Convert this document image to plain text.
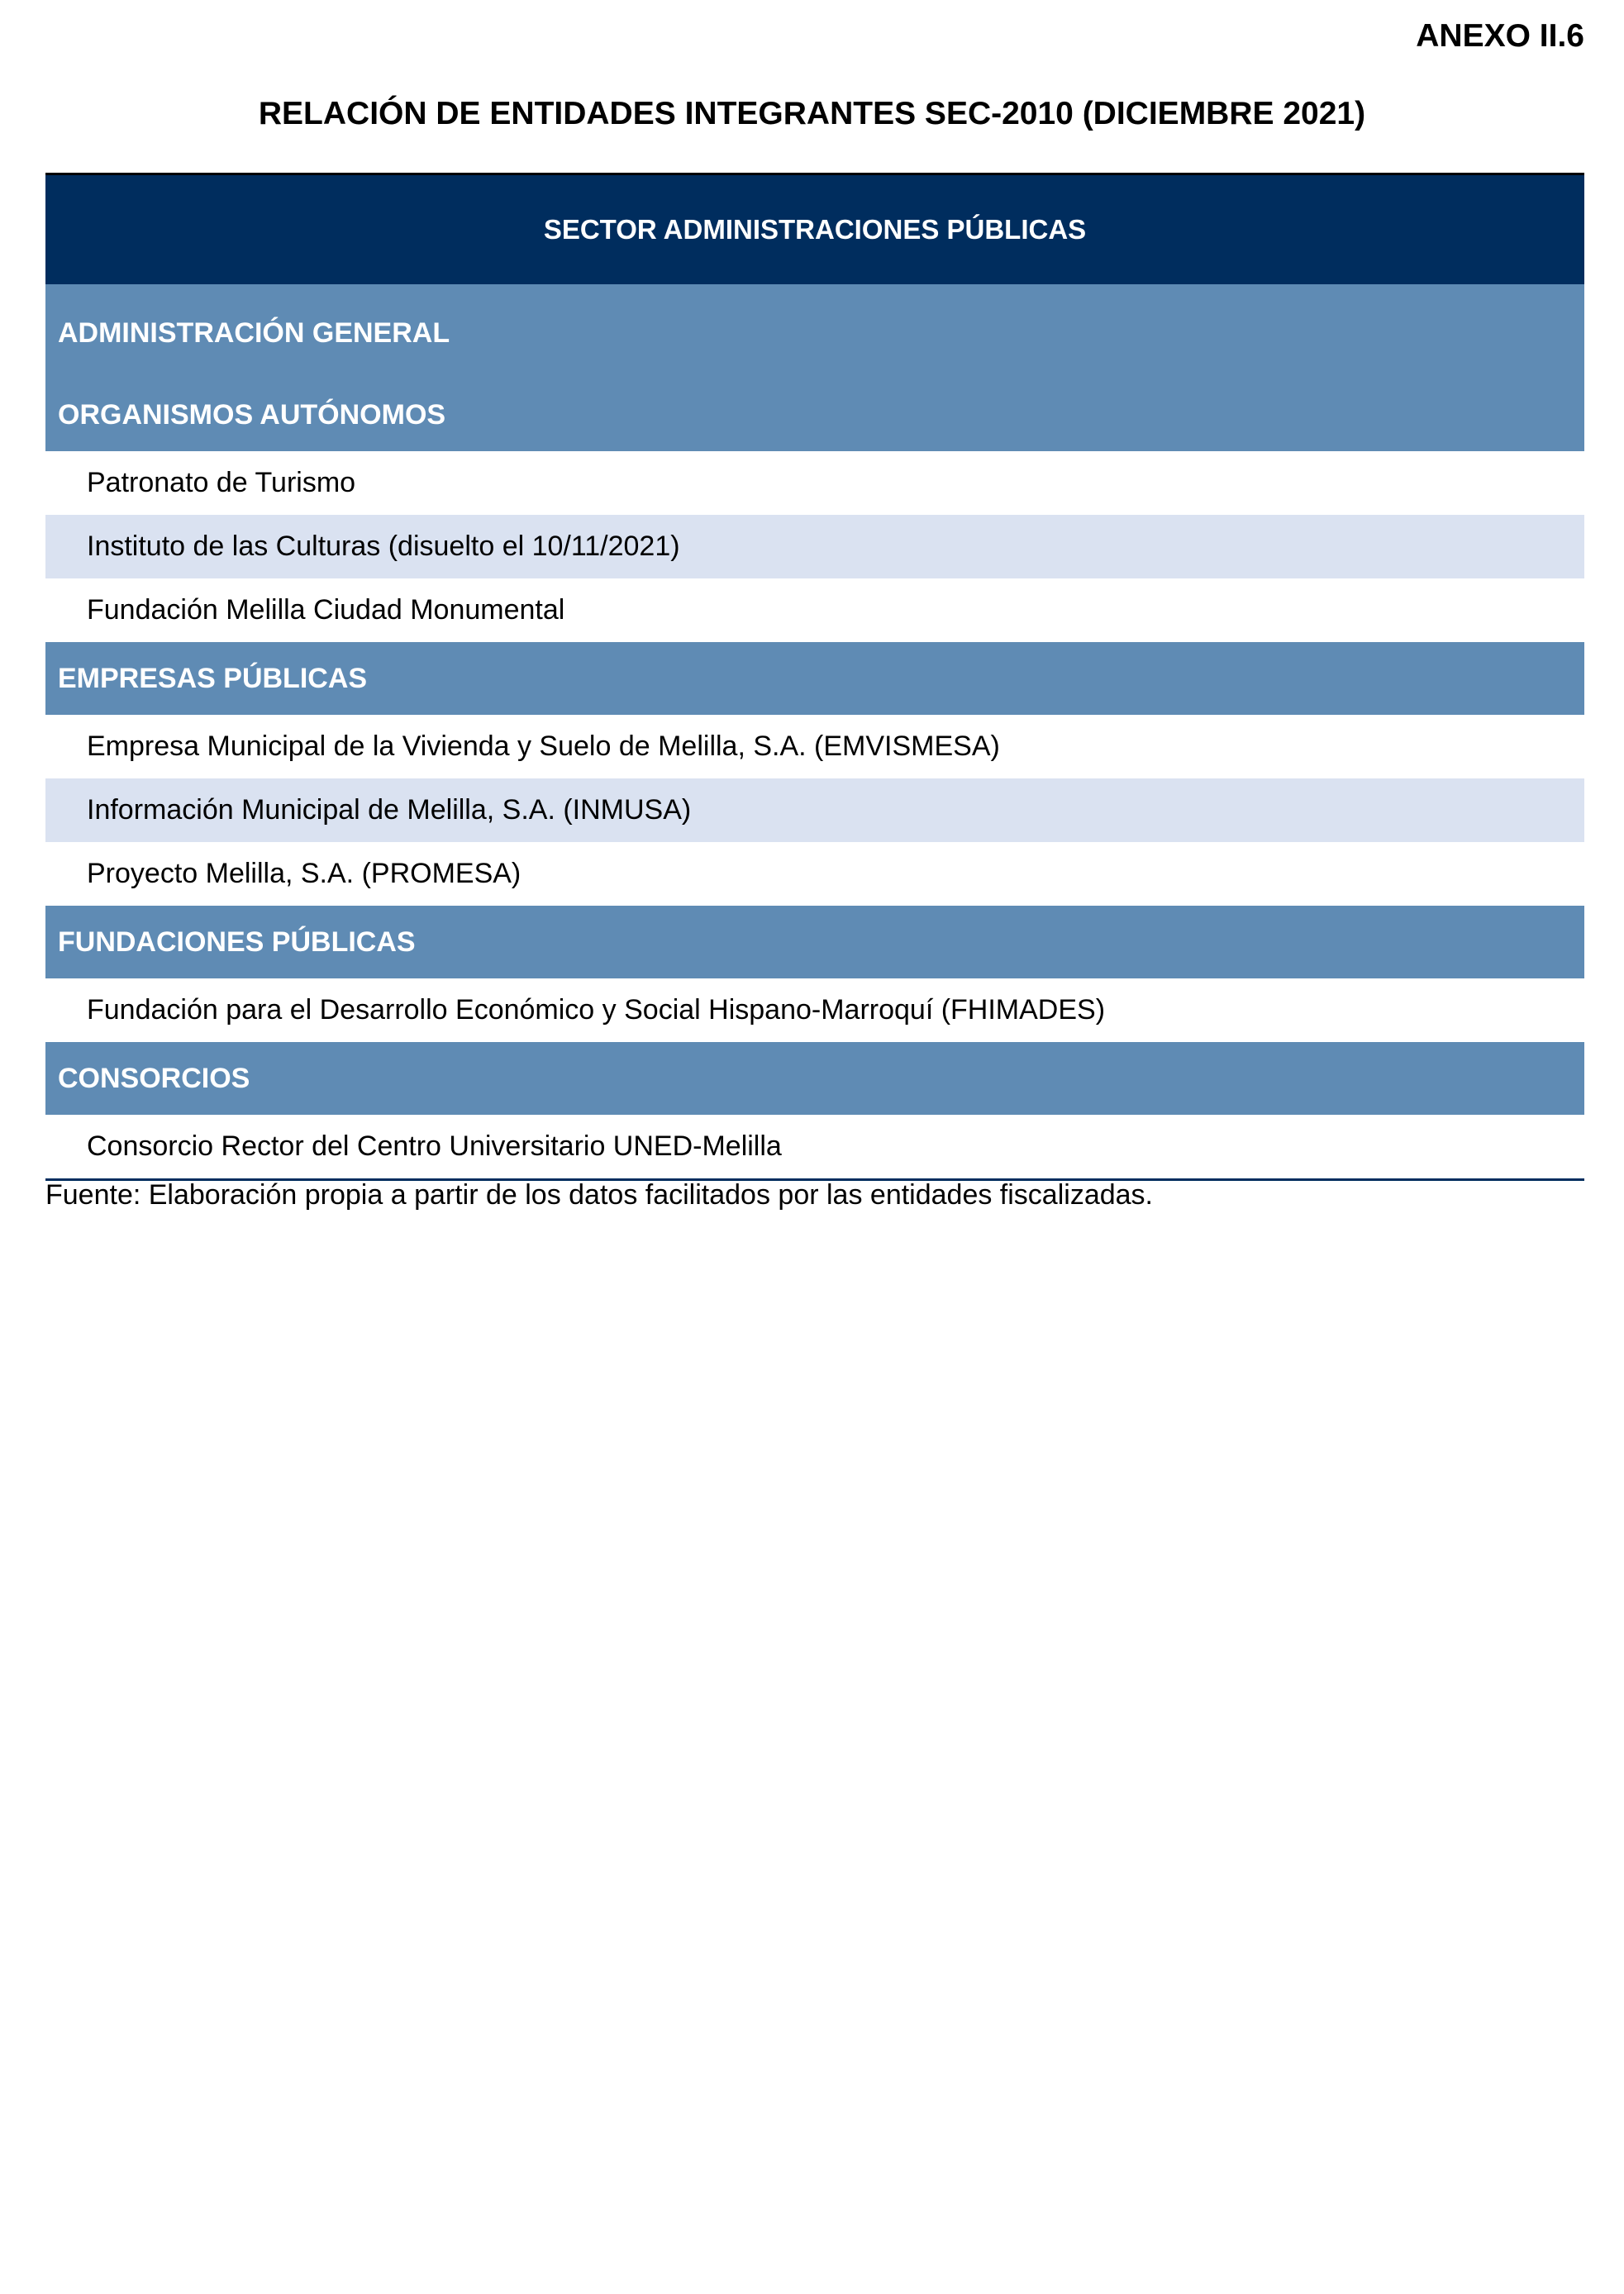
ANEXO II.6
RELACIÓN DE ENTIDADES INTEGRANTES SEC-2010 (DICIEMBRE 2021)
SECTOR ADMINISTRACIONES PÚBLICAS
ADMINISTRACIÓN GENERAL
ORGANISMOS AUTÓNOMOS
Patronato de Turismo
Instituto de las Culturas (disuelto el 10/11/2021)
Fundación Melilla Ciudad Monumental
EMPRESAS PÚBLICAS
Empresa Municipal de la Vivienda y Suelo de Melilla, S.A. (EMVISMESA)
Información Municipal de Melilla, S.A. (INMUSA)
Proyecto Melilla, S.A. (PROMESA)
FUNDACIONES PÚBLICAS
Fundación para el Desarrollo Económico y Social Hispano-Marroquí (FHIMADES)
CONSORCIOS
Consorcio Rector del Centro Universitario UNED-Melilla
Fuente: Elaboración propia a partir de los datos facilitados por las entidades fiscalizadas.
